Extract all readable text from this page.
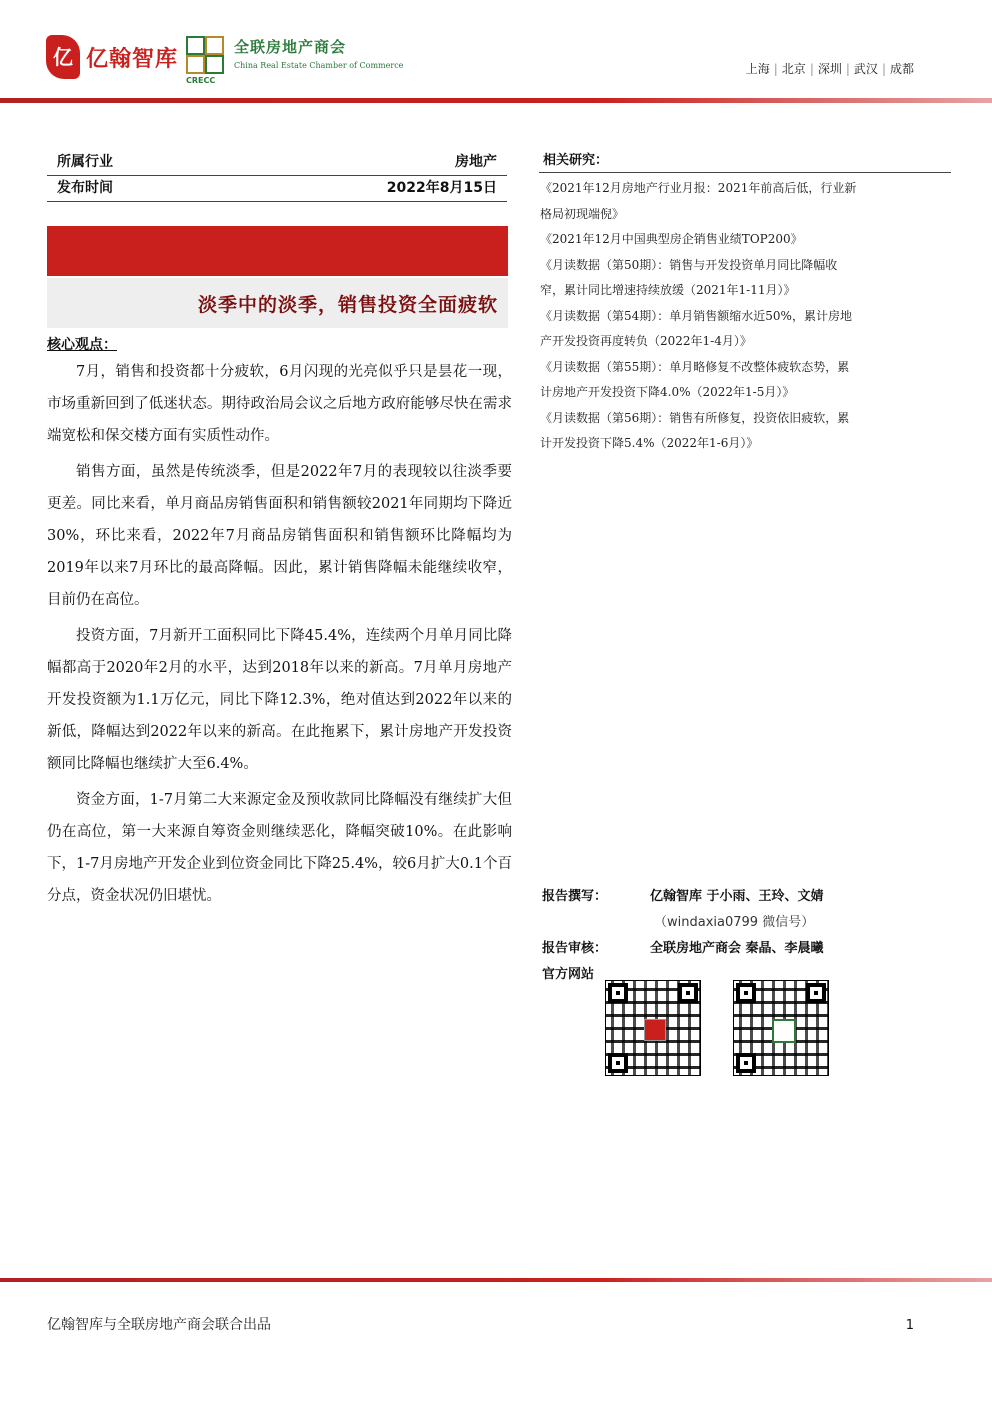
亿 亿翰智库
CRECC
全联房地产商会
China Real Estate Chamber of Commerce	上海 | 北京 | 深圳 | 武汉 | 成都
所属行业	房地产
发布时间	2022年8月15日
淡季中的淡季，销售投资全面疲软
核心观点：

7月，销售和投资都十分疲软，6月闪现的光亮似乎只是昙花一现，市场重新回到了低迷状态。期待政治局会议之后地方政府能够尽快在需求端宽松和保交楼方面有实质性动作。

销售方面，虽然是传统淡季，但是2022年7月的表现较以往淡季要更差。同比来看，单月商品房销售面积和销售额较2021年同期均下降近30%，环比来看，2022年7月商品房销售面积和销售额环比降幅均为2019年以来7月环比的最高降幅。因此，累计销售降幅未能继续收窄，目前仍在高位。

投资方面，7月新开工面积同比下降45.4%，连续两个月单月同比降幅都高于2020年2月的水平，达到2018年以来的新高。7月单月房地产开发投资额为1.1万亿元，同比下降12.3%，绝对值达到2022年以来的新低，降幅达到2022年以来的新高。在此拖累下，累计房地产开发投资额同比降幅也继续扩大至6.4%。

资金方面，1-7月第二大来源定金及预收款同比降幅没有继续扩大但仍在高位，第一大来源自筹资金则继续恶化，降幅突破10%。在此影响下，1-7月房地产开发企业到位资金同比下降25.4%，较6月扩大0.1个百分点，资金状况仍旧堪忧。

相关研究：
《2021年12月房地产行业月报：2021年前高后低，行业新格局初现端倪》
《2021年12月中国典型房企销售业绩TOP200》
《月读数据（第50期）：销售与开发投资单月同比降幅收窄，累计同比增速持续放缓（2021年1-11月）》
《月读数据（第54期）：单月销售额缩水近50%，累计房地产开发投资再度转负（2022年1-4月）》
《月读数据（第55期）：单月略修复不改整体疲软态势，累计房地产开发投资下降4.0%（2022年1-5月）》
《月读数据（第56期）：销售有所修复，投资依旧疲软，累计开发投资下降5.4%（2022年1-6月）》
报告撰写：	亿翰智库 于小雨、王玲、文婧
（windaxia0799 微信号）
报告审核：	全联房地产商会 秦晶、李晨曦
官方网站
亿翰智库与全联房地产商会联合出品	1
